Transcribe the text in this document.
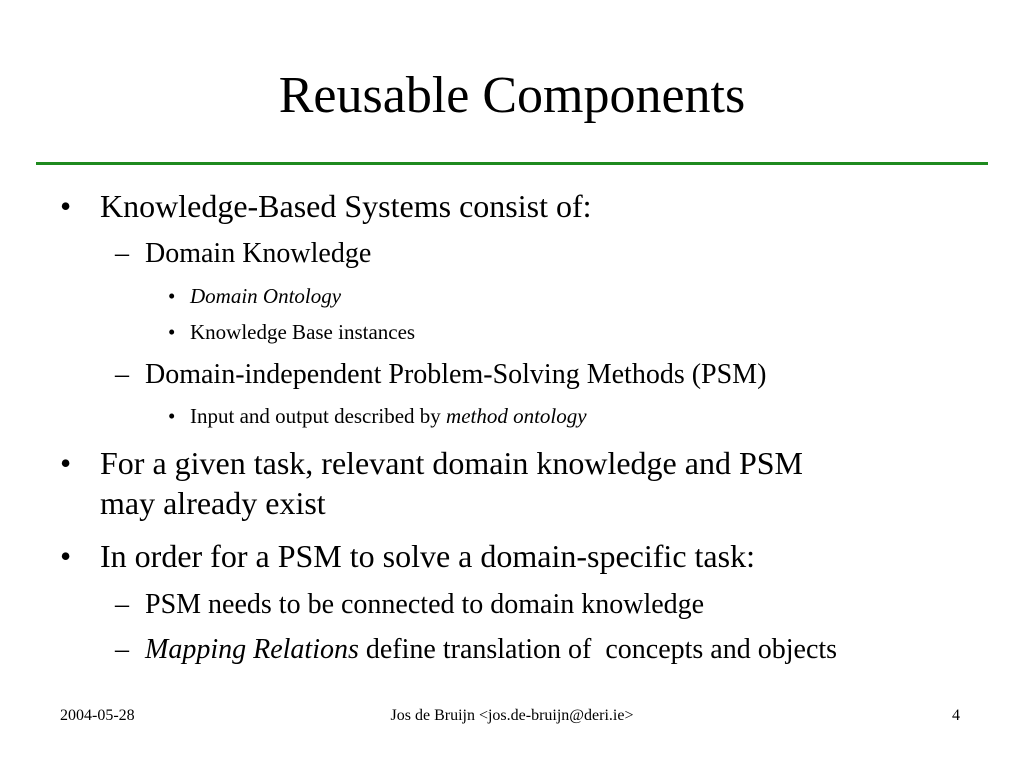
Reusable Components
• Knowledge-Based Systems consist of:
– Domain Knowledge
• Domain Ontology
• Knowledge Base instances
– Domain-independent Problem-Solving Methods (PSM)
• Input and output described by method ontology
• For a given task, relevant domain knowledge and PSM
may already exist
• In order for a PSM to solve a domain-specific task:
– PSM needs to be connected to domain knowledge
– Mapping Relations define translation of  concepts and objects
2004-05-28	Jos de Bruijn <jos.de-bruijn@deri.ie>	4
